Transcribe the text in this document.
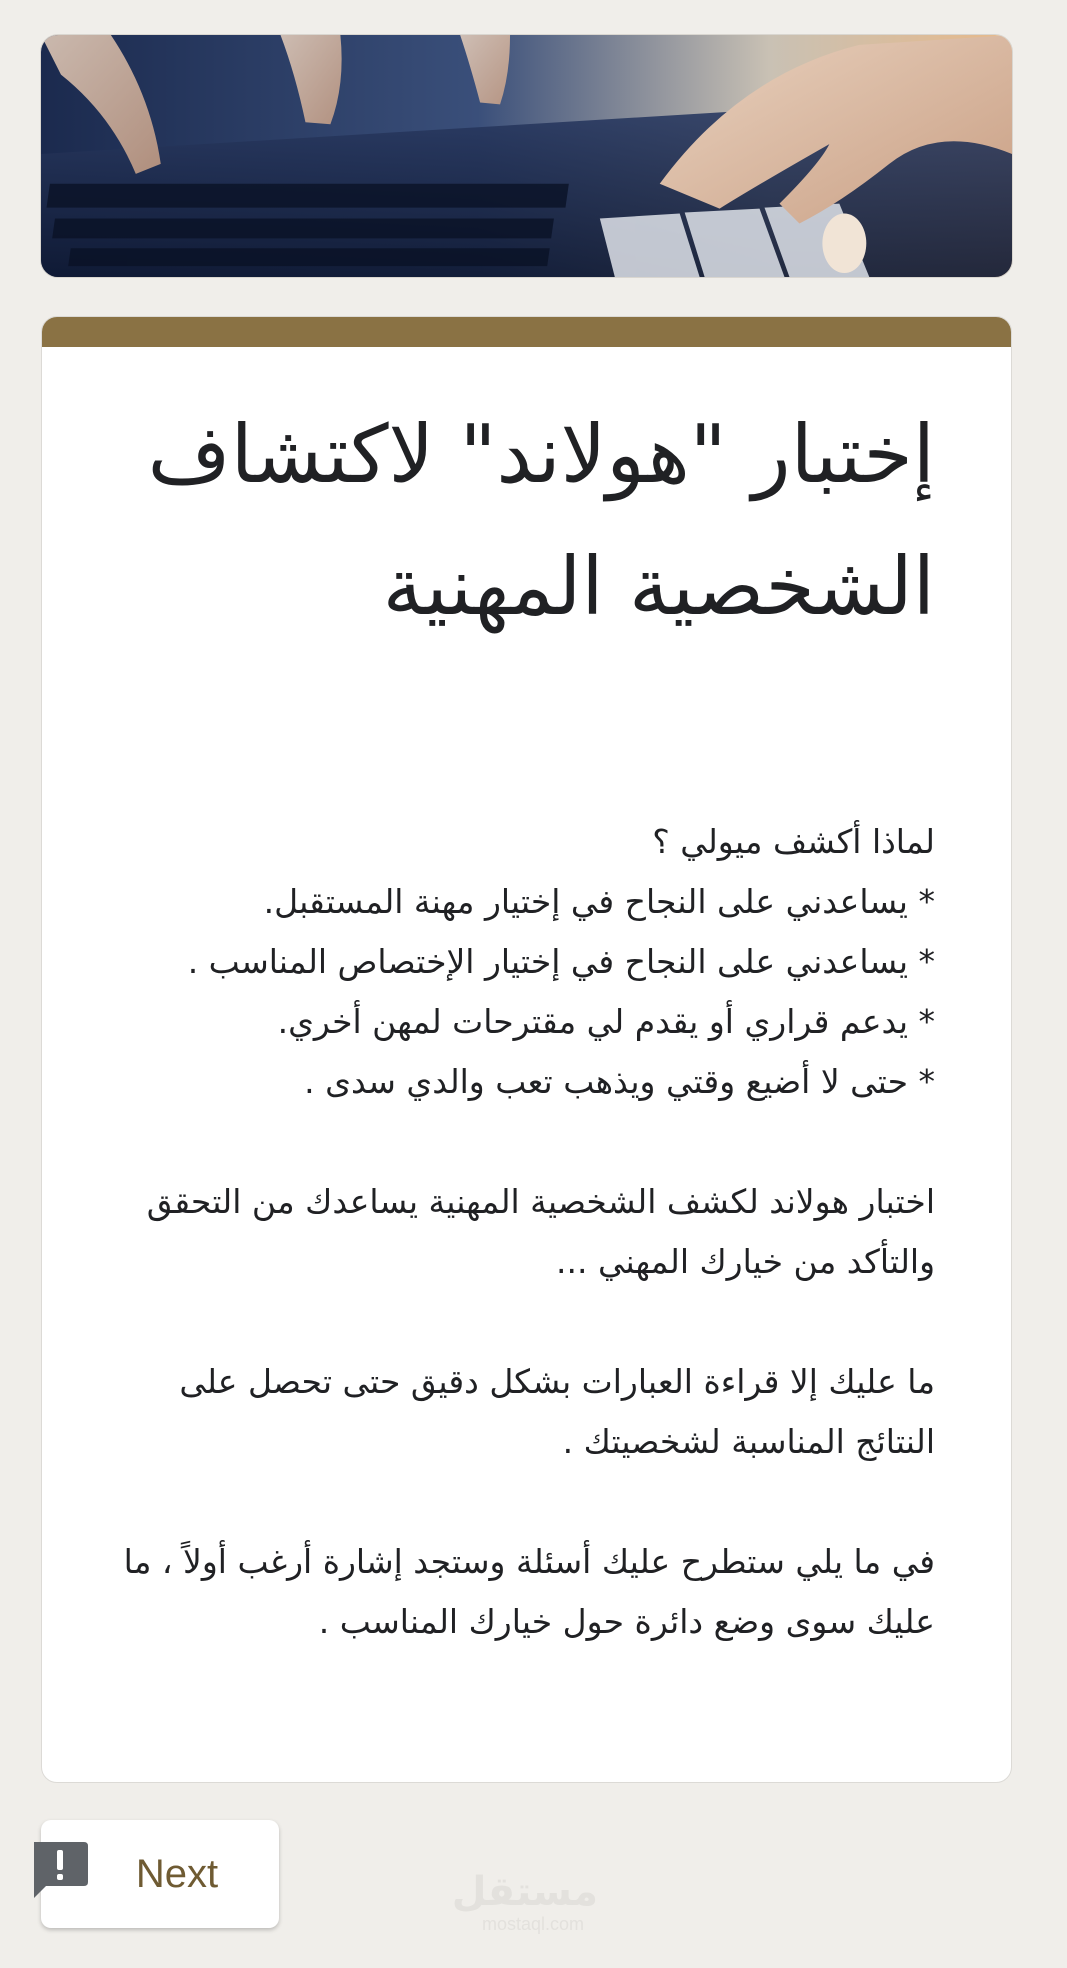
إختبار "هولاند" لاكتشاف الشخصية المهنية

لماذا أكشف ميولي ؟
* يساعدني على النجاح في إختيار مهنة المستقبل.
* يساعدني على النجاح في إختيار الإختصاص المناسب .
* يدعم قراري أو يقدم لي مقترحات لمهن أخري.
* حتى لا أضيع وقتي ويذهب تعب والدي سدى .

اختبار هولاند لكشف الشخصية المهنية يساعدك من التحقق والتأكد من خيارك المهني ...

ما عليك إلا قراءة العبارات بشكل دقيق حتى تحصل على النتائج المناسبة لشخصيتك .

في ما يلي ستطرح عليك أسئلة وستجد إشارة أرغب أولاً ، ما عليك سوى وضع دائرة حول خيارك المناسب .

Next	مستقل
mostaql.com
